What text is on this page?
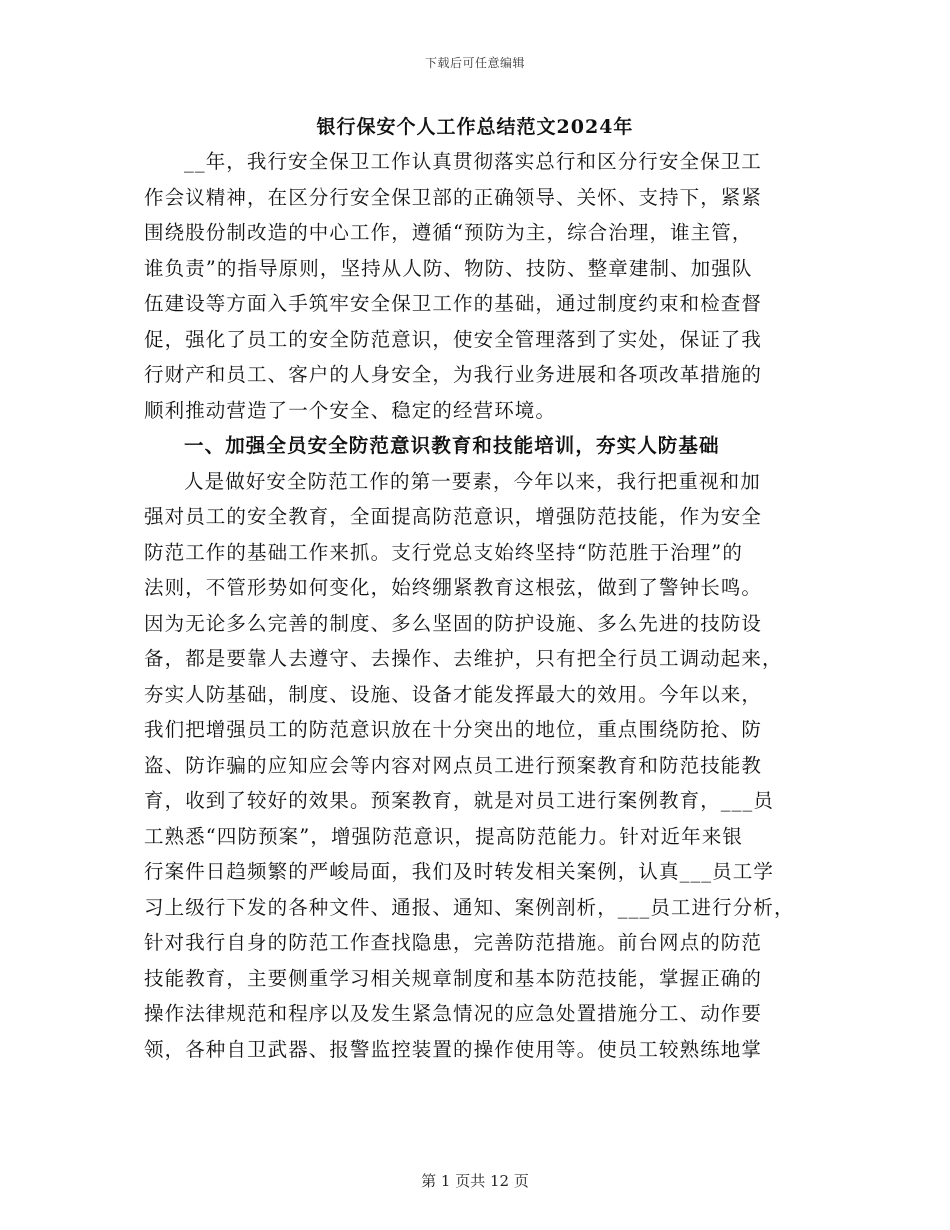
下载后可任意编辑
银行保安个人工作总结范文2024年
__年，我行安全保卫工作认真贯彻落实总行和区分行安全保卫工
作会议精神，在区分行安全保卫部的正确领导、关怀、支持下，紧紧
围绕股份制改造的中心工作，遵循“预防为主，综合治理，谁主管，
谁负责”的指导原则，坚持从人防、物防、技防、整章建制、加强队
伍建设等方面入手筑牢安全保卫工作的基础，通过制度约束和检查督
促，强化了员工的安全防范意识，使安全管理落到了实处，保证了我
行财产和员工、客户的人身安全，为我行业务进展和各项改革措施的
顺利推动营造了一个安全、稳定的经营环境。
一、加强全员安全防范意识教育和技能培训，夯实人防基础
人是做好安全防范工作的第一要素，今年以来，我行把重视和加
强对员工的安全教育，全面提高防范意识，增强防范技能，作为安全
防范工作的基础工作来抓。支行党总支始终坚持“防范胜于治理”的
法则，不管形势如何变化，始终绷紧教育这根弦，做到了警钟长鸣。
因为无论多么完善的制度、多么坚固的防护设施、多么先进的技防设
备，都是要靠人去遵守、去操作、去维护，只有把全行员工调动起来，
夯实人防基础，制度、设施、设备才能发挥最大的效用。今年以来，
我们把增强员工的防范意识放在十分突出的地位，重点围绕防抢、防
盗、防诈骗的应知应会等内容对网点员工进行预案教育和防范技能教
育，收到了较好的效果。预案教育，就是对员工进行案例教育，___员
工熟悉“四防预案”，增强防范意识，提高防范能力。针对近年来银
行案件日趋频繁的严峻局面，我们及时转发相关案例，认真___员工学
习上级行下发的各种文件、通报、通知、案例剖析，___员工进行分析，
针对我行自身的防范工作查找隐患，完善防范措施。前台网点的防范
技能教育，主要侧重学习相关规章制度和基本防范技能，掌握正确的
操作法律规范和程序以及发生紧急情况的应急处置措施分工、动作要
领，各种自卫武器、报警监控装置的操作使用等。使员工较熟练地掌
第 1 页共 12 页
